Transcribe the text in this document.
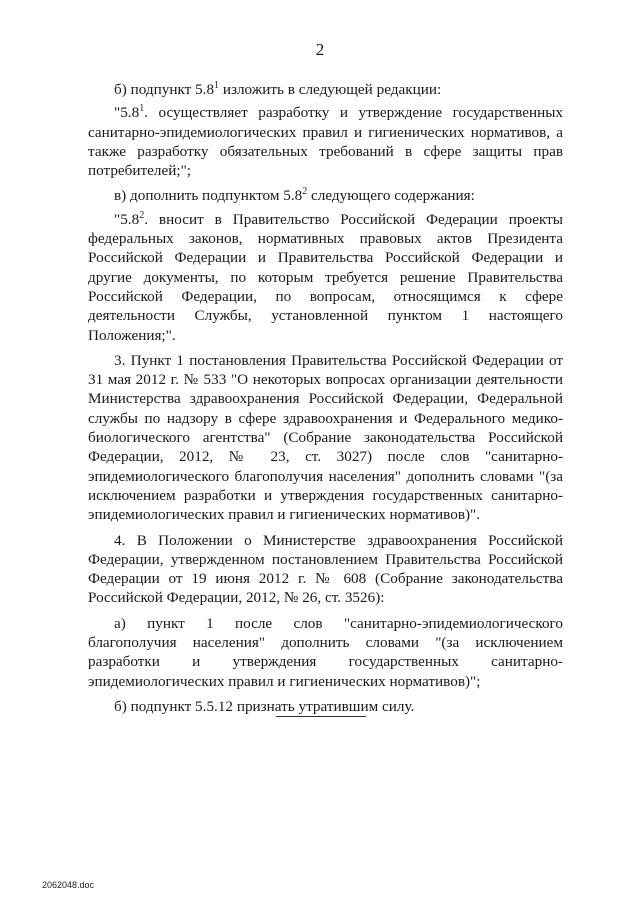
2

б) подпункт $5.8^1$ изложить в следующей редакции:

"$5.8^1$. осуществляет разработку и утверждение государственных санитарно-эпидемиологических правил и гигиенических нормативов, а также разработку обязательных требований в сфере защиты прав потребителей;";

в) дополнить подпунктом $5.8^2$ следующего содержания:

"$5.8^2$. вносит в Правительство Российской Федерации проекты федеральных законов, нормативных правовых актов Президента Российской Федерации и Правительства Российской Федерации и другие документы, по которым требуется решение Правительства Российской Федерации, по вопросам, относящимся к сфере деятельности Службы, установленной пунктом 1 настоящего Положения;".

3. Пункт 1 постановления Правительства Российской Федерации от 31 мая 2012 г. № 533 "О некоторых вопросах организации деятельности Министерства здравоохранения Российской Федерации, Федеральной службы по надзору в сфере здравоохранения и Федерального медико-биологического агентства" (Собрание законодательства Российской Федерации, 2012, № 23, ст. 3027) после слов "санитарно-эпидемиологического благополучия населения" дополнить словами "(за исключением разработки и утверждения государственных санитарно-эпидемиологических правил и гигиенических нормативов)".

4. В Положении о Министерстве здравоохранения Российской Федерации, утвержденном постановлением Правительства Российской Федерации от 19 июня 2012 г. № 608 (Собрание законодательства Российской Федерации, 2012, № 26, ст. 3526):

а) пункт 1 после слов "санитарно-эпидемиологического благополучия населения" дополнить словами "(за исключением разработки и утверждения государственных санитарно-эпидемиологических правил и гигиенических нормативов)";

б) подпункт 5.5.12 признать утратившим силу.

2062048.doc
